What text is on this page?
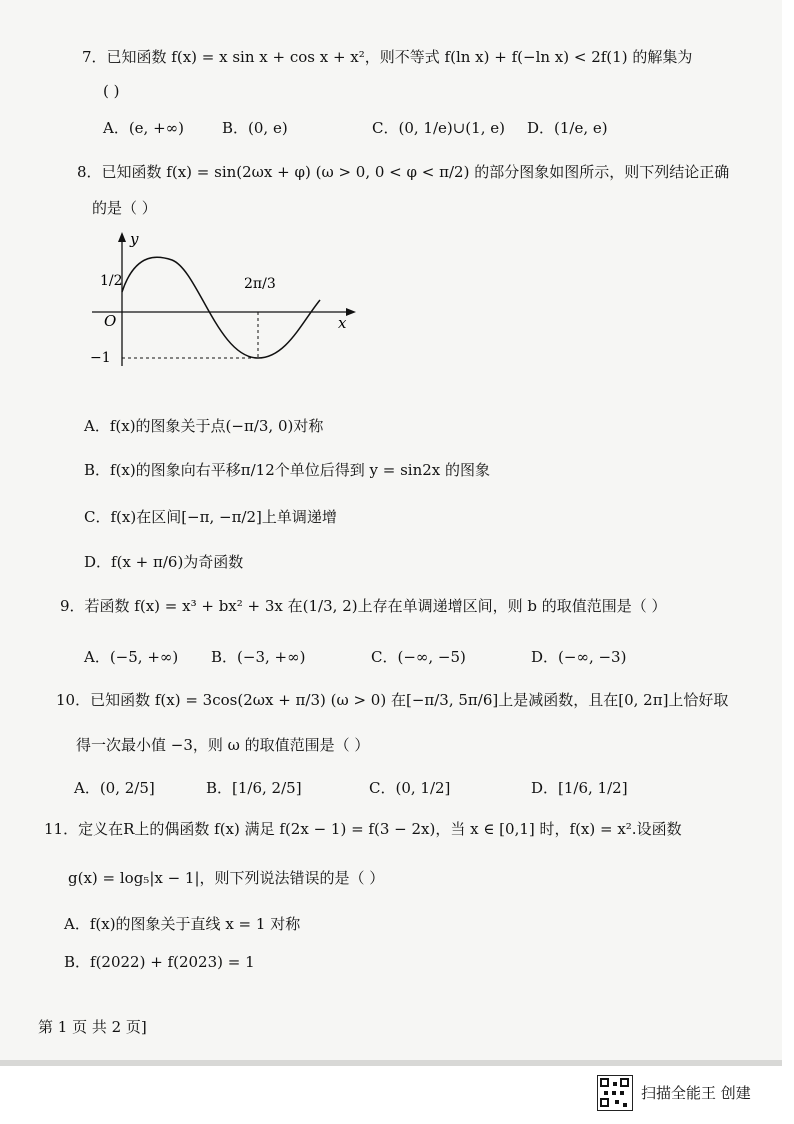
7．已知函数 f(x) = x sin x + cos x + x²，则不等式 f(ln x) + f(−ln x) < 2f(1) 的解集为
( )
A．(e, +∞)	B．(0, e)	C．(0, 1/e)∪(1, e) D．(1/e, e)
8．已知函数 f(x) = sin(2ωx + φ) (ω > 0, 0 < φ < π/2) 的部分图象如图所示，则下列结论正确
的是（ ）
y
x
O
1/2
−1
2π/3
A．f(x)的图象关于点(−π/3, 0)对称
B．f(x)的图象向右平移π/12个单位后得到 y = sin2x 的图象
C．f(x)在区间[−π, −π/2]上单调递增
D．f(x + π/6)为奇函数
9．若函数 f(x) = x³ + bx² + 3x 在(1/3, 2)上存在单调递增区间，则 b 的取值范围是（ ）
A．(−5, +∞) B．(−3, +∞)	C．(−∞, −5)	D．(−∞, −3)
10．已知函数 f(x) = 3cos(2ωx + π/3) (ω > 0) 在[−π/3, 5π/6]上是减函数，且在[0, 2π]上恰好取
得一次最小值 −3，则 ω 的取值范围是（ ）
A．(0, 2/5]	B．[1/6, 2/5]	C．(0, 1/2]	D．[1/6, 1/2]
11．定义在R上的偶函数 f(x) 满足 f(2x − 1) = f(3 − 2x)，当 x ∈ [0,1] 时，f(x) = x².设函数
g(x) = log₅|x − 1|，则下列说法错误的是（ ）
A．f(x)的图象关于直线 x = 1 对称
B．f(2022) + f(2023) = 1
第 1 页 共 2 页]
扫描全能王 创建
